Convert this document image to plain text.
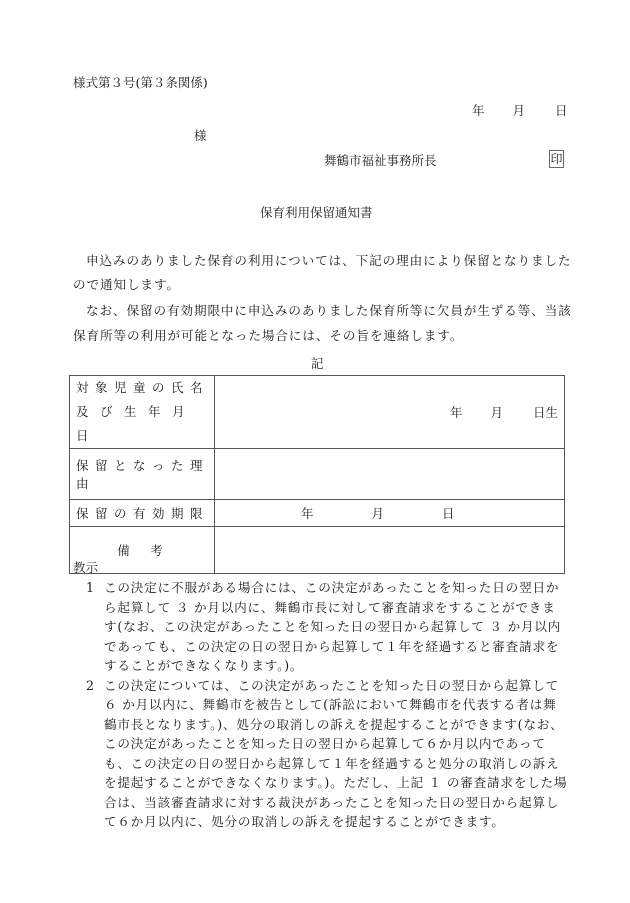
様式第３号(第３条関係)
年 月 日
様
舞鶴市福祉事務所長	印
保育利用保留通知書
申込みのありました保育の利用については、下記の理由により保留となりました
ので通知します。
なお、保留の有効期限中に申込みのありました保育所等に欠員が生ずる等、当該
保育所等の利用が可能となった場合には、その旨を連絡します。
記
対象児童の氏名
及び生年月日	年 月 日生
保留となった理由	
保留の有効期限	年 月 日
備　考	
教示
1 この決定に不服がある場合には、この決定があったことを知った日の翌日から起算して ３ か月以内に、舞鶴市長に対して審査請求をすることができます(なお、この決定があったことを知った日の翌日から起算して ３ か月以内であっても、この決定の日の翌日から起算して１年を経過すると審査請求をすることができなくなります。)。
2 この決定については、この決定があったことを知った日の翌日から起算して６ か月以内に、舞鶴市を被告として(訴訟において舞鶴市を代表する者は舞鶴市長となります。)、処分の取消しの訴えを提起することができます(なお、この決定があったことを知った日の翌日から起算して６か月以内であっても、この決定の日の翌日から起算して１年を経過すると処分の取消しの訴えを提起することができなくなります。)。ただし、上記 １ の審査請求をした場合は、当該審査請求に対する裁決があったことを知った日の翌日から起算して６か月以内に、処分の取消しの訴えを提起することができます。
